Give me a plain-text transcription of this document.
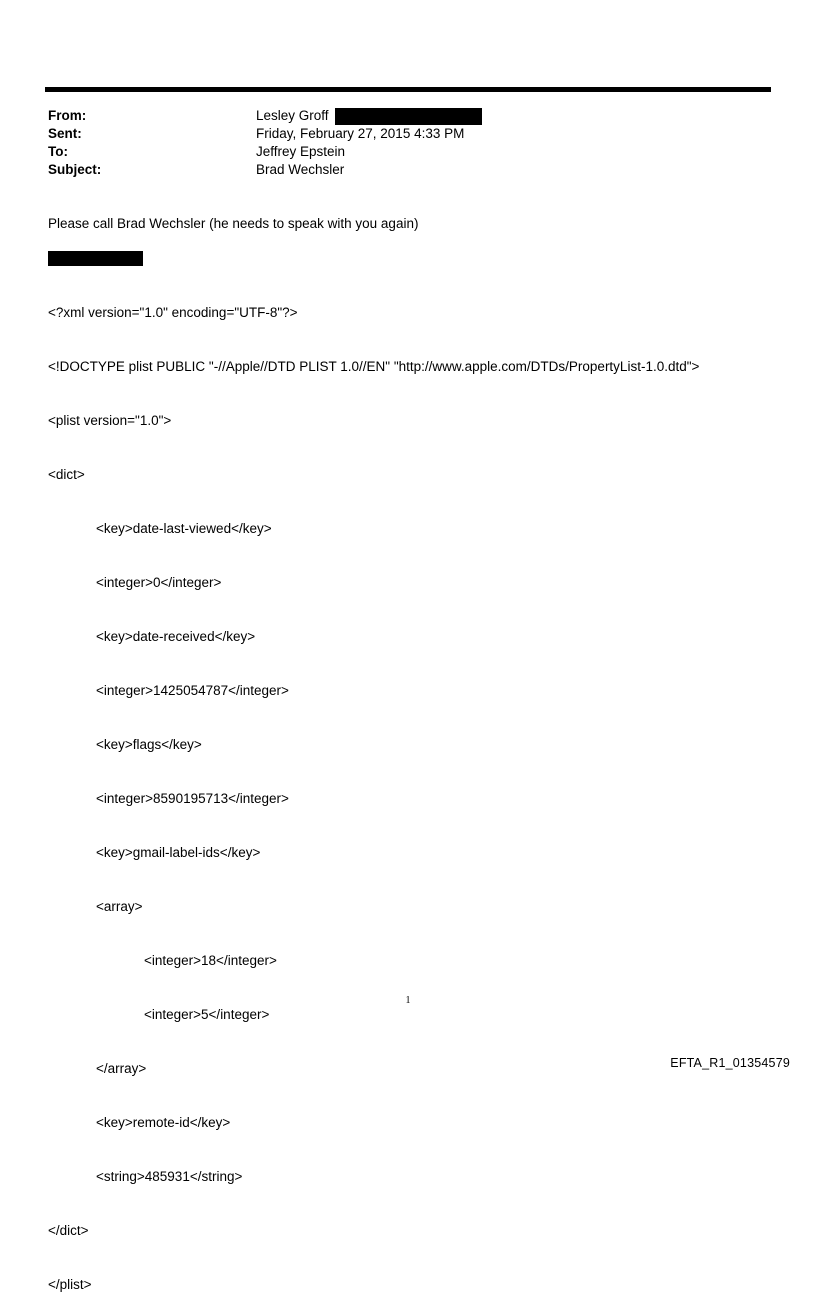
From:	Lesley Groff
Sent:	Friday, February 27, 2015 4:33 PM
To:	Jeffrey Epstein
Subject:	Brad Wechsler
Please call Brad Wechsler (he needs to speak with you again)

<?xml version="1.0" encoding="UTF-8"?>

<!DOCTYPE plist PUBLIC "-//Apple//DTD PLIST 1.0//EN" "http://www.apple.com/DTDs/PropertyList-1.0.dtd">

<plist version="1.0">

<dict>

<key>date-last-viewed</key>

<integer>0</integer>

<key>date-received</key>

<integer>1425054787</integer>

<key>flags</key>

<integer>8590195713</integer>

<key>gmail-label-ids</key>

<array>

<integer>18</integer>

<integer>5</integer>

</array>

<key>remote-id</key>

<string>485931</string>

</dict>

</plist>

1
EFTA_R1_01354579
